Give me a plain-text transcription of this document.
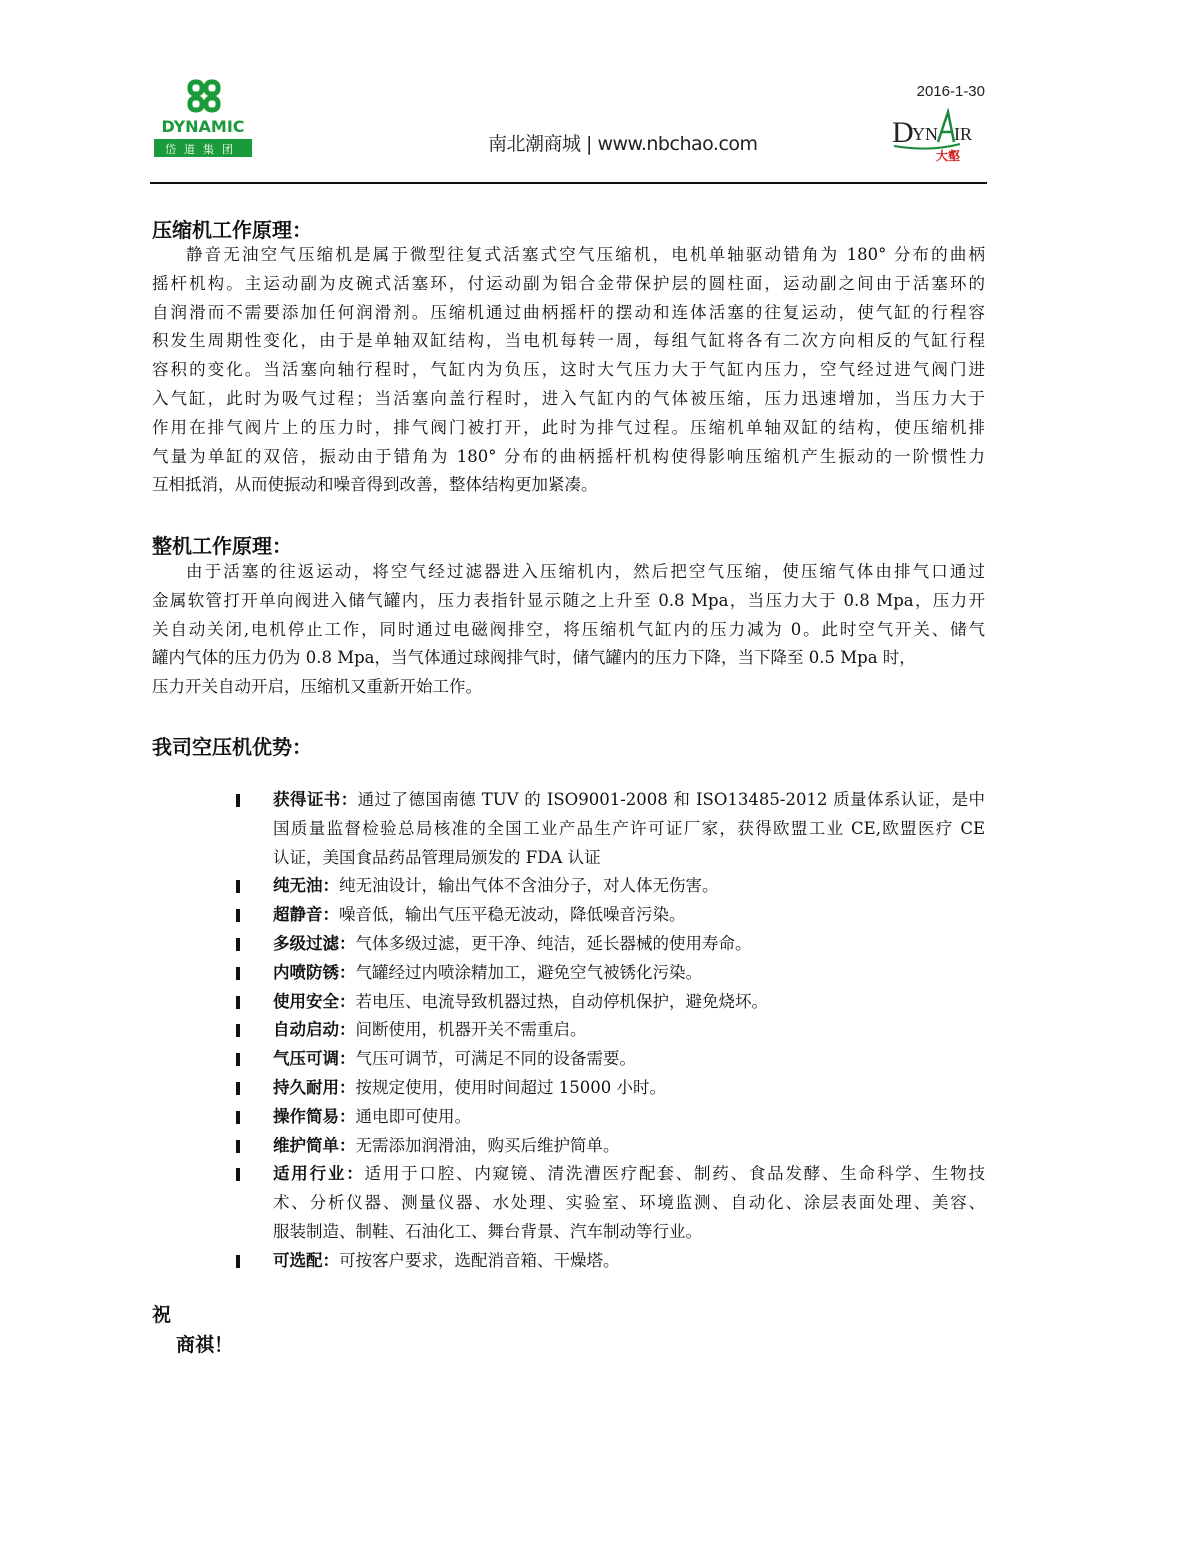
DYNAMIC
岱道集团
2016-1-30
南北潮商城 | www.nbchao.com	D
YN IR
大壑
压缩机工作原理：
静音无油空气压缩机是属于微型往复式活塞式空气压缩机，电机单轴驱动错角为 180° 分布的曲柄
摇杆机构。主运动副为皮碗式活塞环，付运动副为铝合金带保护层的圆柱面，运动副之间由于活塞环的
自润滑而不需要添加任何润滑剂。压缩机通过曲柄摇杆的摆动和连体活塞的往复运动，使气缸的行程容
积发生周期性变化，由于是单轴双缸结构，当电机每转一周，每组气缸将各有二次方向相反的气缸行程
容积的变化。当活塞向轴行程时，气缸内为负压，这时大气压力大于气缸内压力，空气经过进气阀门进
入气缸，此时为吸气过程；当活塞向盖行程时，进入气缸内的气体被压缩，压力迅速增加，当压力大于
作用在排气阀片上的压力时，排气阀门被打开，此时为排气过程。压缩机单轴双缸的结构，使压缩机排
气量为单缸的双倍，振动由于错角为 180° 分布的曲柄摇杆机构使得影响压缩机产生振动的一阶惯性力
互相抵消，从而使振动和噪音得到改善，整体结构更加紧凑。
整机工作原理：
由于活塞的往返运动，将空气经过滤器进入压缩机内，然后把空气压缩，使压缩气体由排气口通过
金属软管打开单向阀进入储气罐内，压力表指针显示随之上升至 0.8 Mpa，当压力大于 0.8 Mpa，压力开
关自动关闭,电机停止工作，同时通过电磁阀排空，将压缩机气缸内的压力减为 0。此时空气开关、储气
罐内气体的压力仍为 0.8 Mpa，当气体通过球阀排气时，储气罐内的压力下降，当下降至 0.5 Mpa 时，
压力开关自动开启，压缩机又重新开始工作。
我司空压机优势：
获得证书：通过了德国南德 TUV 的 ISO9001-2008 和 ISO13485-2012 质量体系认证，是中
国质量监督检验总局核准的全国工业产品生产许可证厂家，获得欧盟工业 CE,欧盟医疗 CE
认证，美国食品药品管理局颁发的 FDA 认证
纯无油：纯无油设计，输出气体不含油分子，对人体无伤害。
超静音：噪音低，输出气压平稳无波动，降低噪音污染。
多级过滤：气体多级过滤，更干净、纯洁，延长器械的使用寿命。
内喷防锈：气罐经过内喷涂精加工，避免空气被锈化污染。
使用安全：若电压、电流导致机器过热，自动停机保护，避免烧坏。
自动启动：间断使用，机器开关不需重启。
气压可调：气压可调节，可满足不同的设备需要。
持久耐用：按规定使用，使用时间超过 15000 小时。
操作简易：通电即可使用。
维护简单：无需添加润滑油，购买后维护简单。
适用行业：适用于口腔、内窥镜、清洗漕医疗配套、制药、食品发酵、生命科学、生物技
术、分析仪器、测量仪器、水处理、实验室、环境监测、自动化、涂层表面处理、美容、
服装制造、制鞋、石油化工、舞台背景、汽车制动等行业。
可选配：可按客户要求，选配消音箱、干燥塔。
祝
商祺！
